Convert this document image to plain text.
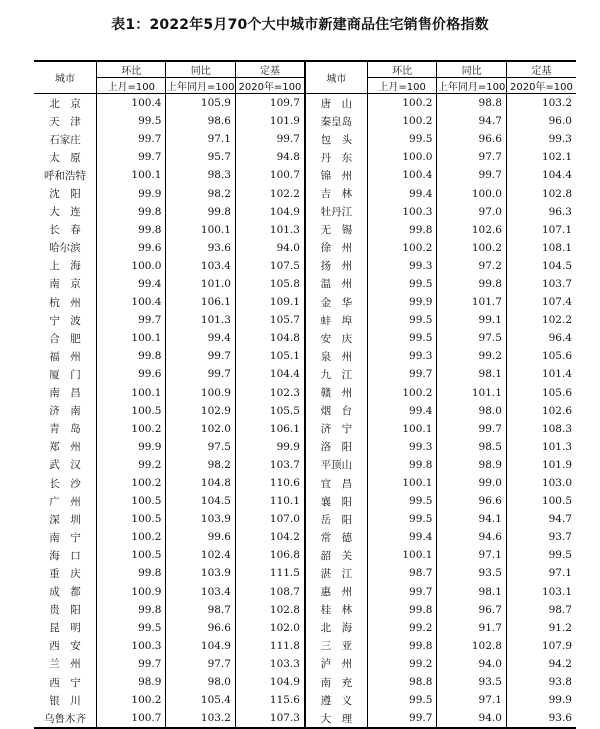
表1：2022年5月70个大中城市新建商品住宅销售价格指数
城市	环比	同比	定基	城市	环比	同比	定基
	上月=100	上年同月=100	2020年=100		上月=100	上年同月=100	2020年=100
北　京	100.4	105.9	109.7	唐　山	100.2	98.8	103.2
天　津	99.5	98.6	101.9	秦皇岛	100.2	94.7	96.0
石家庄	99.7	97.1	99.7	包　头	99.5	96.6	99.3
太　原	99.7	95.7	94.8	丹　东	100.0	97.7	102.1
呼和浩特	100.1	98.3	100.7	锦　州	100.4	99.7	104.4
沈　阳	99.9	98.2	102.2	吉　林	99.4	100.0	102.8
大　连	99.8	99.8	104.9	牡丹江	100.3	97.0	96.3
长　春	99.8	100.1	101.3	无　锡	99.8	102.6	107.1
哈尔滨	99.6	93.6	94.0	徐　州	100.2	100.2	108.1
上　海	100.0	103.4	107.5	扬　州	99.3	97.2	104.5
南　京	99.4	101.0	105.8	温　州	99.5	99.8	103.7
杭　州	100.4	106.1	109.1	金　华	99.9	101.7	107.4
宁　波	99.7	101.3	105.7	蚌　埠	99.5	99.1	102.2
合　肥	100.1	99.4	104.8	安　庆	99.5	97.5	96.4
福　州	99.8	99.7	105.1	泉　州	99.3	99.2	105.6
厦　门	99.6	99.7	104.4	九　江	99.7	98.1	101.4
南　昌	100.1	100.9	102.3	赣　州	100.2	101.1	105.6
济　南	100.5	102.9	105.5	烟　台	99.4	98.0	102.6
青　岛	100.2	102.0	106.1	济　宁	100.1	99.7	108.3
郑　州	99.9	97.5	99.9	洛　阳	99.3	98.5	101.3
武　汉	99.2	98.2	103.7	平顶山	99.8	98.9	101.9
长　沙	100.2	104.8	110.6	宜　昌	100.1	99.0	103.0
广　州	100.5	104.5	110.1	襄　阳	99.5	96.6	100.5
深　圳	100.5	103.9	107.0	岳　阳	99.5	94.1	94.7
南　宁	100.2	99.6	104.2	常　德	99.4	94.6	93.7
海　口	100.5	102.4	106.8	韶　关	100.1	97.1	99.5
重　庆	99.8	103.9	111.5	湛　江	98.7	93.5	97.1
成　都	100.9	103.4	108.7	惠　州	99.7	98.1	103.1
贵　阳	99.8	98.7	102.8	桂　林	99.8	96.7	98.7
昆　明	99.5	96.6	102.0	北　海	99.2	91.7	91.2
西　安	100.3	104.9	111.8	三　亚	99.8	102.8	107.9
兰　州	99.7	97.7	103.3	泸　州	99.2	94.0	94.2
西　宁	98.9	98.0	104.9	南　充	98.8	93.5	93.8
银　川	100.2	105.4	115.6	遵　义	99.5	97.1	99.9
乌鲁木齐	100.7	103.2	107.3	大　理	99.7	94.0	93.6
